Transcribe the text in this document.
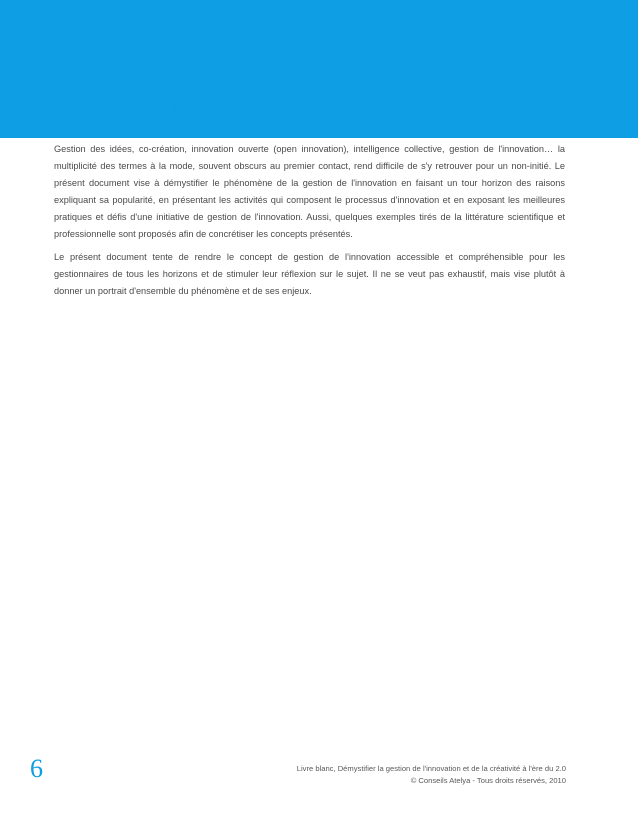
INTRODUCTION

Gestion des idées, co-création, innovation ouverte (open innovation), intelligence collective, gestion de l'innovation… la multiplicité des termes à la mode, souvent obscurs au premier contact, rend difficile de s'y retrouver pour un non-initié. Le présent document vise à démystifier le phénomène de la gestion de l'innovation en faisant un tour horizon des raisons expliquant sa popularité, en présentant les activités qui composent le processus d'innovation et en exposant les meilleures pratiques et défis d'une initiative de gestion de l'innovation. Aussi, quelques exemples tirés de la littérature scientifique et professionnelle sont proposés afin de concrétiser les concepts présentés.

Le présent document tente de rendre le concept de gestion de l'innovation accessible et compréhensible pour les gestionnaires de tous les horizons et de stimuler leur réflexion sur le sujet. Il ne se veut pas exhaustif, mais vise plutôt à donner un portrait d'ensemble du phénomène et de ses enjeux.

6	Livre blanc, Démystifier la gestion de l'innovation et de la créativité à l'ère du 2.0
© Conseils Atelya - Tous droits réservés, 2010
